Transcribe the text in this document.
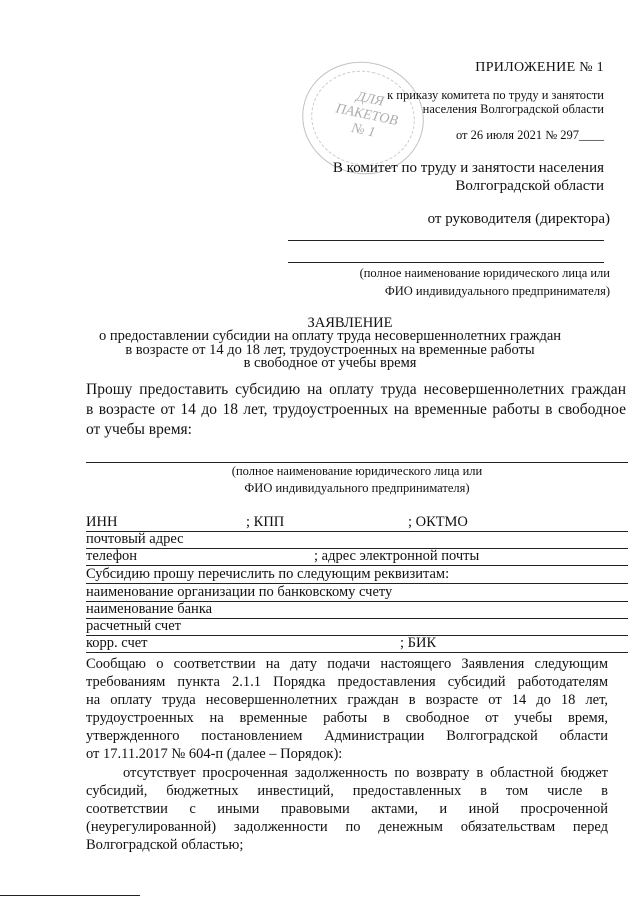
ПРИЛОЖЕНИЕ № 1
к приказу комитета по труду и занятости
населения Волгоградской области
от 26 июля 2021 № 297____
ДЛЯ ПАКЕТОВ № 1
В комитет по труду и занятости населения
Волгоградской области
от руководителя (директора)
(полное наименование юридического лица или
ФИО индивидуального предпринимателя)
ЗАЯВЛЕНИЕ
о предоставлении субсидии на оплату труда несовершеннолетних граждан
в возрасте от 14 до 18 лет, трудоустроенных на временные работы
в свободное от учебы время
Прошу предоставить субсидию на оплату труда несовершеннолетних граждан
в возрасте от 14 до 18 лет, трудоустроенных на временные работы в свободное
от учебы время:
(полное наименование юридического лица или
ФИО индивидуального предпринимателя)
ИНН	; КПП	; ОКТМО
почтовый адрес
телефон	; адрес электронной почты
Субсидию прошу перечислить по следующим реквизитам:
наименование организации по банковскому счету
наименование банка
расчетный счет
корр. счет	; БИК
Сообщаю о соответствии на дату подачи настоящего Заявления следующим
требованиям пункта 2.1.1 Порядка предоставления субсидий работодателям
на оплату труда несовершеннолетних граждан в возрасте от 14 до 18 лет,
трудоустроенных на временные работы в свободное от учебы время,
утвержденного постановлением Администрации Волгоградской области
от 17.11.2017 № 604-п (далее – Порядок):
отсутствует просроченная задолженность по возврату в областной бюджет
субсидий, бюджетных инвестиций, предоставленных в том числе в
соответствии с иными правовыми актами, и иной просроченной
(неурегулированной) задолженности по денежным обязательствам перед
Волгоградской областью;
